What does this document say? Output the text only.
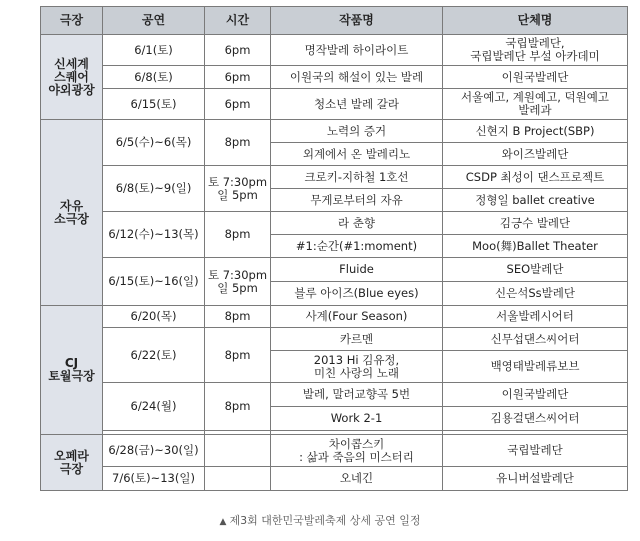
극장	공연	시간	작품명	단체명

신세계
스퀘어
야외광장	6/1(토)	6pm	명작발레 하이라이트	국립발레단,
국립발레단 부설 아카데미

	6/8(토)	6pm	이원국의 해설이 있는 발레	이원국발레단
	6/15(토)	6pm	청소년 발레 갈라	서울예고, 계원예고, 덕원예고
발레과

자유
소극장	6/5(수)~6(목)	8pm	노력의 증거	신현지 B Project(SBP)
			외계에서 온 발레리노	와이즈발레단
	6/8(토)~9(일)	토 7:30pm
일 5pm	크로키-지하철 1호선	CSDP 최성이 댄스프로젝트
			무게로부터의 자유	정형일 ballet creative
	6/12(수)~13(목)	8pm	라 춘향	김긍수 발레단
			#1:순간(#1:moment)	Moo(舞)Ballet Theater
	6/15(토)~16(일)	토 7:30pm
일 5pm	Fluide	SEO발레단
			블루 아이즈(Blue eyes)	신은석Ss발레단

CJ
토월극장	6/20(목)	8pm	사계(Four Season)	서울발레시어터
	6/22(토)	8pm	카르멘	신무섭댄스씨어터

			2013 Hi 김유정,
미친 사랑의 노래	백영태발레류보브
	6/24(월)	8pm	발레, 말러교향곡 5번	이원국발레단
			Work 2-1	김용걸댄스씨어터

오페라
극장	6/28(금)~30(일)		차이콥스키
: 삶과 죽음의 미스터리	국립발레단
	7/6(토)~13(일)		오네긴	유니버설발레단
▲ 제3회 대한민국발레축제 상세 공연 일정
